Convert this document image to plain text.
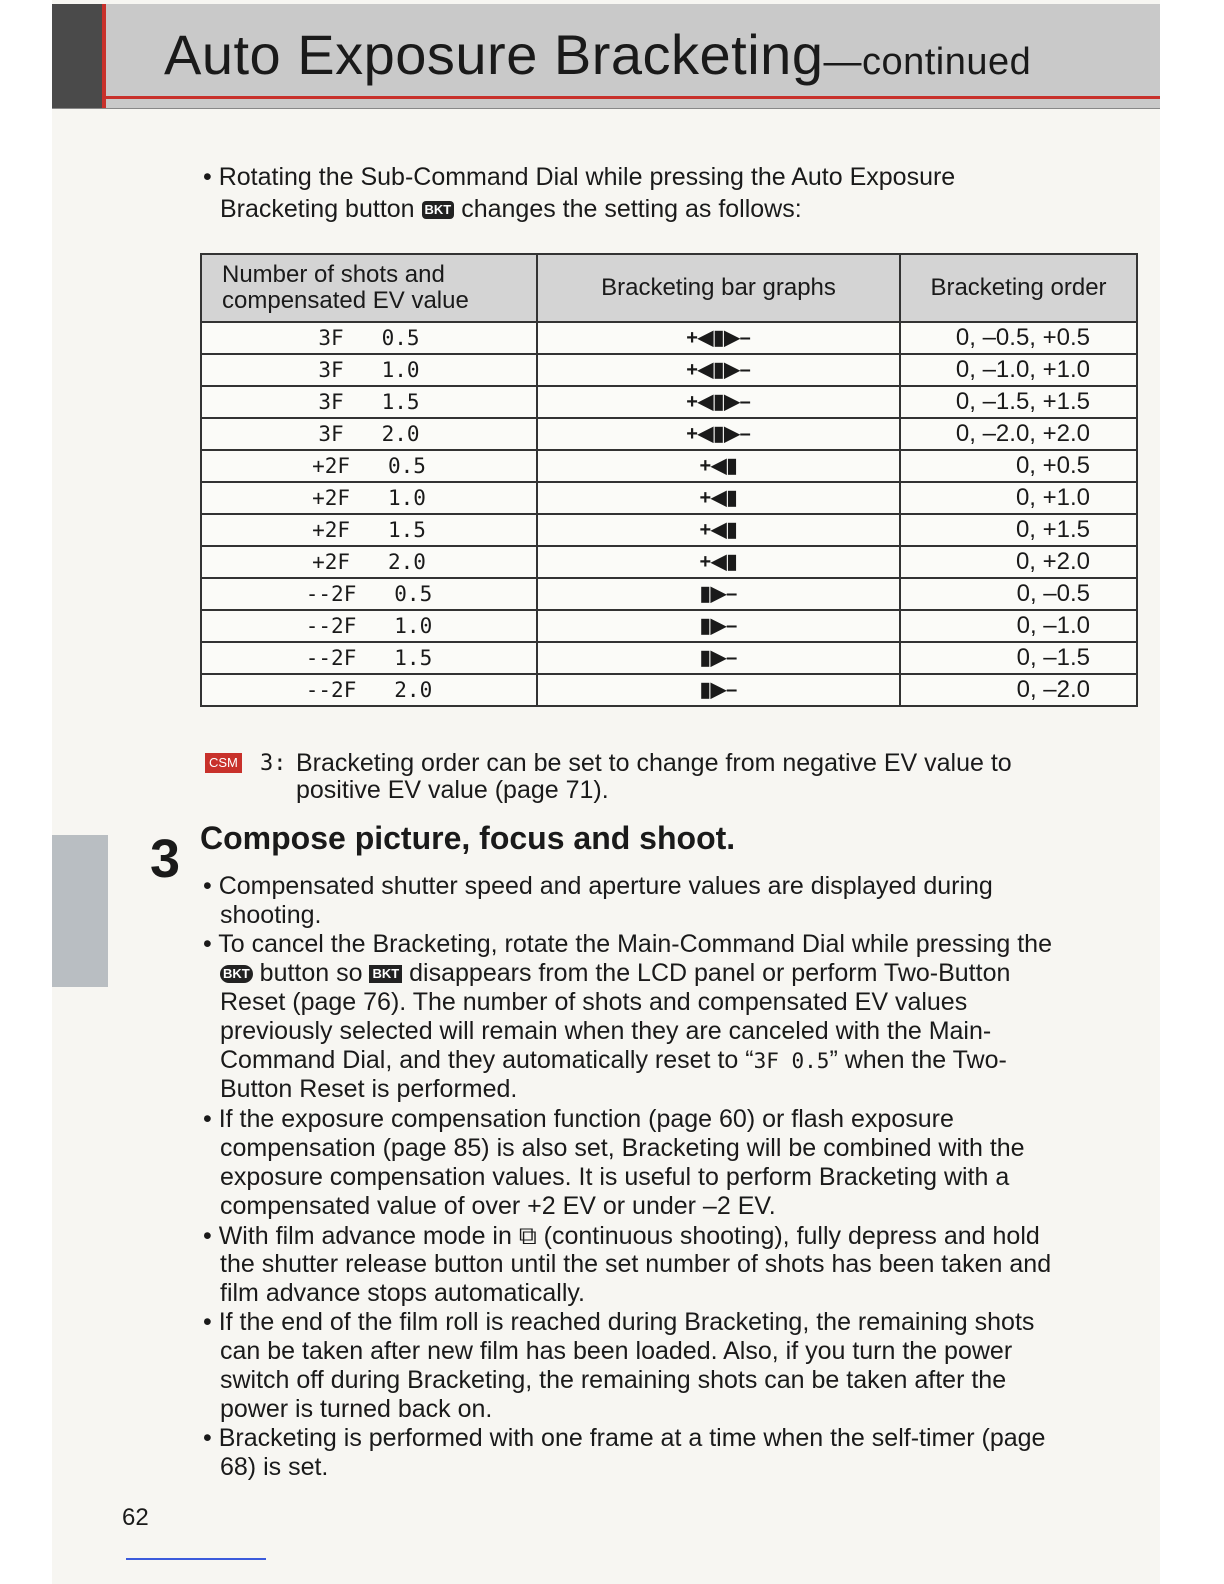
Auto Exposure Bracketing—continued
• Rotating the Sub-Command Dial while pressing the Auto Exposure
Bracketing button BKT changes the setting as follows:
Number of shots and compensated EV value	Bracketing bar graphs	Bracketing order
3F 0.5	+◀▮▶–	0, –0.5, +0.5
3F 1.0	+◀▮▶–	0, –1.0, +1.0
3F 1.5	+◀▮▶–	0, –1.5, +1.5
3F 2.0	+◀▮▶–	0, –2.0, +2.0
+2F 0.5	+◀▮	0, +0.5
+2F 1.0	+◀▮	0, +1.0
+2F 1.5	+◀▮	0, +1.5
+2F 2.0	+◀▮	0, +2.0
--2F 0.5	▮▶–	0, –0.5
--2F 1.0	▮▶–	0, –1.0
--2F 1.5	▮▶–	0, –1.5
--2F 2.0	▮▶–	0, –2.0
CSM 3: Bracketing order can be set to change from negative EV value to
positive EV value (page 71).
3 Compose picture, focus and shoot.
• Compensated shutter speed and aperture values are displayed during
shooting.
• To cancel the Bracketing, rotate the Main-Command Dial while pressing the
BKT button so BKT disappears from the LCD panel or perform Two-Button
Reset (page 76). The number of shots and compensated EV values
previously selected will remain when they are canceled with the Main-
Command Dial, and they automatically reset to “3F 0.5” when the Two-
Button Reset is performed.
• If the exposure compensation function (page 60) or flash exposure
compensation (page 85) is also set, Bracketing will be combined with the
exposure compensation values. It is useful to perform Bracketing with a
compensated value of over +2 EV or under –2 EV.
• With film advance mode in ⧉ (continuous shooting), fully depress and hold
the shutter release button until the set number of shots has been taken and
film advance stops automatically.
• If the end of the film roll is reached during Bracketing, the remaining shots
can be taken after new film has been loaded. Also, if you turn the power
switch off during Bracketing, the remaining shots can be taken after the
power is turned back on.
• Bracketing is performed with one frame at a time when the self-timer (page
68) is set.
62
